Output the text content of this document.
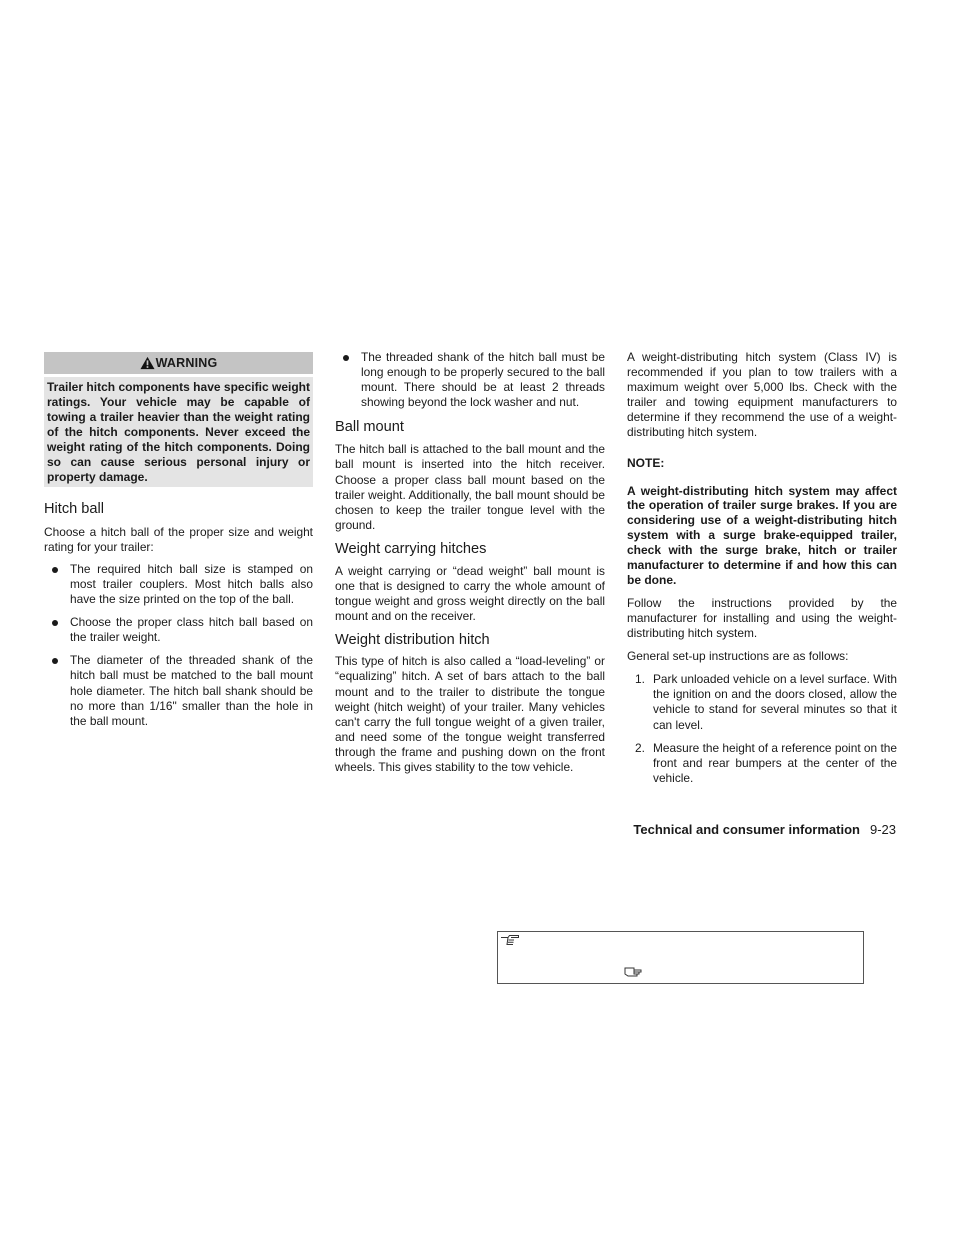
WARNING
Trailer hitch components have specific weight ratings. Your vehicle may be capable of towing a trailer heavier than the weight rating of the hitch components. Never exceed the weight rating of the hitch components. Doing so can cause serious personal injury or property damage.
Hitch ball

Choose a hitch ball of the proper size and weight rating for your trailer:

The required hitch ball size is stamped on most trailer couplers. Most hitch balls also have the size printed on the top of the ball.
Choose the proper class hitch ball based on the trailer weight.
The diameter of the threaded shank of the hitch ball must be matched to the ball mount hole diameter. The hitch ball shank should be no more than 1/16" smaller than the hole in the ball mount.
The threaded shank of the hitch ball must be long enough to be properly secured to the ball mount. There should be at least 2 threads showing beyond the lock washer and nut.
Ball mount

The hitch ball is attached to the ball mount and the ball mount is inserted into the hitch receiver. Choose a proper class ball mount based on the trailer weight. Additionally, the ball mount should be chosen to keep the trailer tongue level with the ground.

Weight carrying hitches

A weight carrying or “dead weight” ball mount is one that is designed to carry the whole amount of tongue weight and gross weight directly on the ball mount and on the receiver.

Weight distribution hitch

This type of hitch is also called a “load-leveling” or “equalizing” hitch. A set of bars attach to the ball mount and to the trailer to distribute the tongue weight (hitch weight) of your trailer. Many vehicles can't carry the full tongue weight of a given trailer, and need some of the tongue weight transferred through the frame and pushing down on the front wheels. This gives stability to the tow vehicle.

A weight-distributing hitch system (Class IV) is recommended if you plan to tow trailers with a maximum weight over 5,000 lbs. Check with the trailer and towing equipment manufacturers to determine if they recommend the use of a weight-distributing hitch system.

NOTE:

A weight-distributing hitch system may affect the operation of trailer surge brakes. If you are considering use of a weight-distributing hitch system with a surge brake-equipped trailer, check with the surge brake, hitch or trailer manufacturer to determine if and how this can be done.

Follow the instructions provided by the manufacturer for installing and using the weight-distributing hitch system.

General set-up instructions are as follows:

1. Park unloaded vehicle on a level surface. With the ignition on and the doors closed, allow the vehicle to stand for several minutes so that it can level.
2. Measure the height of a reference point on the front and rear bumpers at the center of the vehicle.
Technical and consumer information 9-23
